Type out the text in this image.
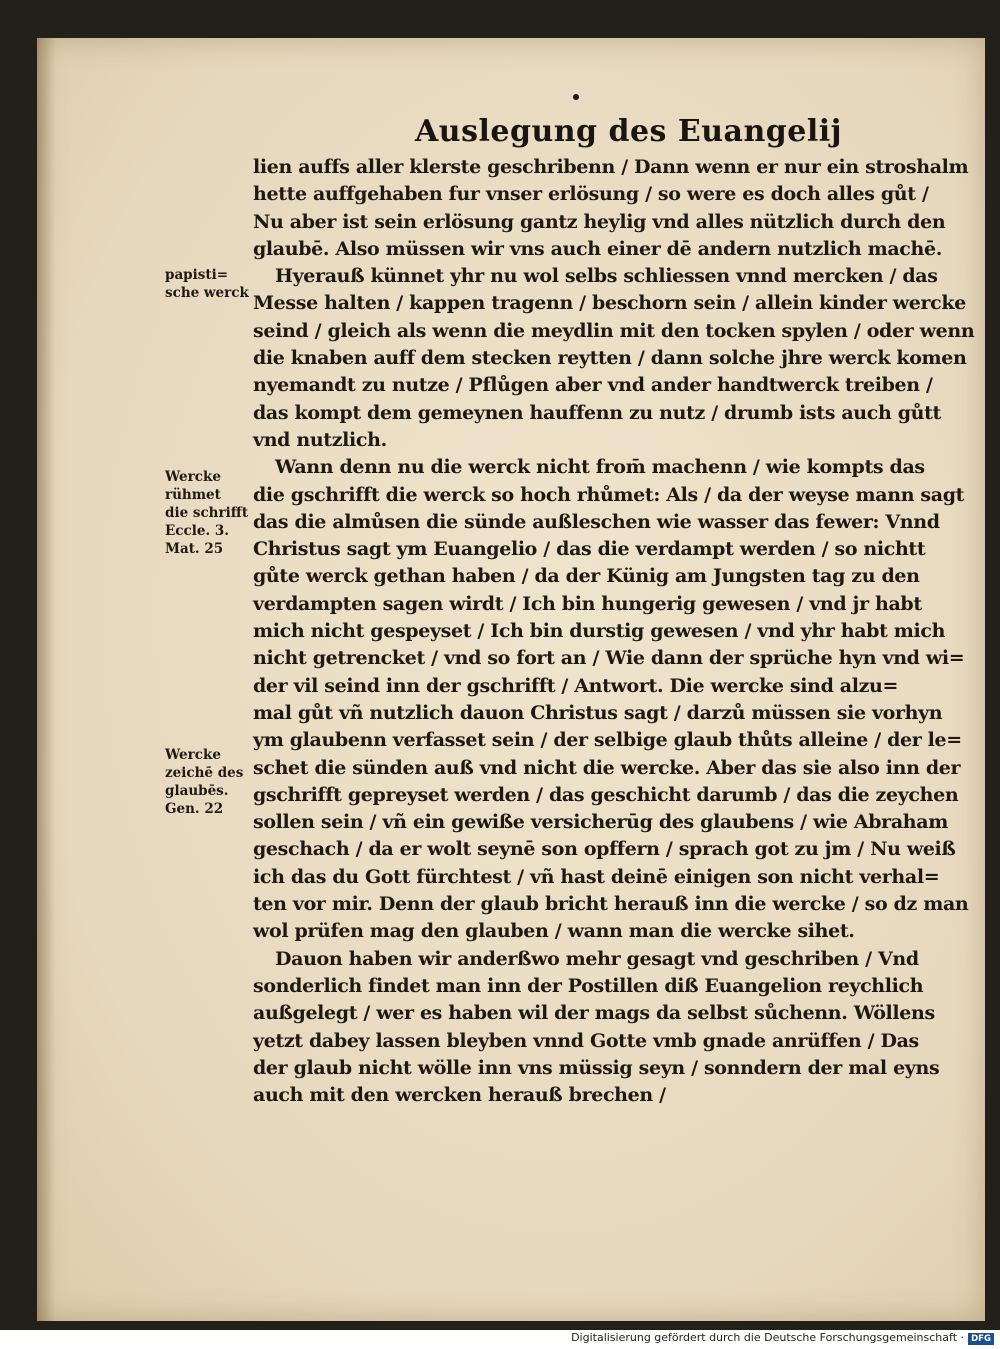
Auslegung des Euangelij
lien auffs aller klerste geschribenn / Dann wenn er nur ein stroshalm
hette auffgehaben fur vnser erlösung / so were es doch alles gůt /
Nu aber ist sein erlösung gantz heylig vnd alles nützlich durch den
glaubē. Also müssen wir vns auch einer dē andern nutzlich machē.
Hyerauß künnet yhr nu wol selbs schliessen vnnd mercken / das
Messe halten / kappen tragenn / beschorn sein / allein kinder wercke
seind / gleich als wenn die meydlin mit den tocken spylen / oder wenn
die knaben auff dem stecken reytten / dann solche jhre werck komen
nyemandt zu nutze / Pflůgen aber vnd ander handtwerck treiben /
das kompt dem gemeynen hauffenn zu nutz / drumb ists auch gůtt
vnd nutzlich.
Wann denn nu die werck nicht from̄ machenn / wie kompts das
die gschrifft die werck so hoch rhůmet: Als / da der weyse mann sagt
das die almůsen die sünde außleschen wie wasser das fewer: Vnnd
Christus sagt ym Euangelio / das die verdampt werden / so nichtt
gůte werck gethan haben / da der Künig am Jungsten tag zu den
verdampten sagen wirdt / Ich bin hungerig gewesen / vnd jr habt
mich nicht gespeyset / Ich bin durstig gewesen / vnd yhr habt mich
nicht getrencket / vnd so fort an / Wie dann der sprüche hyn vnd wi=
der vil seind inn der gschrifft / Antwort. Die wercke sind alzu=
mal gůt vñ nutzlich dauon Christus sagt / darzů müssen sie vorhyn
ym glaubenn verfasset sein / der selbige glaub thůts alleine / der le=
schet die sünden auß vnd nicht die wercke. Aber das sie also inn der
gschrifft gepreyset werden / das geschicht darumb / das die zeychen
sollen sein / vñ ein gewiße versicherūg des glaubens / wie Abraham
geschach / da er wolt seynē son opffern / sprach got zu jm / Nu weiß
ich das du Gott fürchtest / vñ hast deinē einigen son nicht verhal=
ten vor mir. Denn der glaub bricht herauß inn die wercke / so dz man
wol prüfen mag den glauben / wann man die wercke sihet.
Dauon haben wir anderßwo mehr gesagt vnd geschriben / Vnd
sonderlich findet man inn der Postillen diß Euangelion reychlich
außgelegt / wer es haben wil der mags da selbst sůchenn. Wöllens
yetzt dabey lassen bleyben vnnd Gotte vmb gnade anrüffen / Das
der glaub nicht wölle inn vns müssig seyn / sonndern der mal eyns
auch mit den wercken herauß brechen /
papisti=
sche werck
Wercke
rühmet
die schrifft
Eccle. 3.
Mat. 25
Wercke
zeichē des
glaubēs.
Gen. 22
Digitalisierung gefördert durch die Deutsche Forschungsgemeinschaft · DFG
